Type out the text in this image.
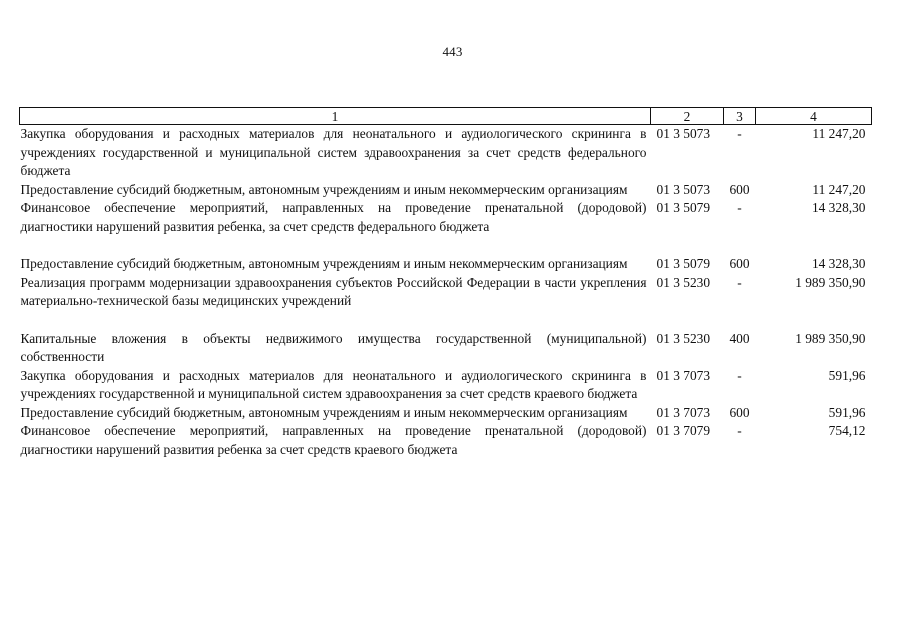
443
1	2	3	4
Закупка оборудования и расходных материалов для неонатального и аудиологического скрининга в учреждениях государственной и муниципальной систем здравоохранения за счет средств федерального бюджета	01 3 5073	-	11 247,20
Предоставление субсидий бюджетным, автономным учреждениям и иным некоммерческим организациям	01 3 5073	600	11 247,20
Финансовое обеспечение мероприятий, направленных на проведение пренатальной (дородовой) диагностики нарушений развития ребенка, за счет средств федерального бюджета	01 3 5079	-	14 328,30
Предоставление субсидий бюджетным, автономным учреждениям и иным некоммерческим организациям	01 3 5079	600	14 328,30
Реализация программ модернизации здравоохранения субъектов Российской Федерации в части укрепления материально-технической базы медицинских учреждений	01 3 5230	-	1 989 350,90
Капитальные вложения в объекты недвижимого имущества государственной (муниципальной) собственности	01 3 5230	400	1 989 350,90
Закупка оборудования и расходных материалов для неонатального и аудиологического скрининга в учреждениях государственной и муниципальной систем здравоохранения за счет средств краевого бюджета	01 3 7073	-	591,96
Предоставление субсидий бюджетным, автономным учреждениям и иным некоммерческим организациям	01 3 7073	600	591,96
Финансовое обеспечение мероприятий, направленных на проведение пренатальной (дородовой) диагностики нарушений развития ребенка за счет средств краевого бюджета	01 3 7079	-	754,12
